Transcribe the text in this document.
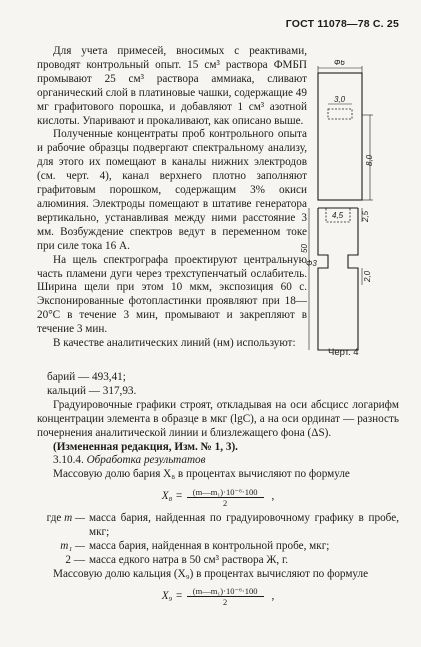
ГОСТ 11078—78 С. 25

Для учета примесей, вносимых с реактивами, проводят контрольный опыт. 15 см³ раствора ФМБП промывают 25 см³ раствора аммиака, сливают органический слой в платиновые чашки, содержащие 49 мг графитового порошка, и добавляют 1 см³ азотной кислоты. Упаривают и прокаливают, как описано выше.

Полученные концентраты проб контрольного опыта и рабочие образцы подвергают спектральному анализу, для этого их помещают в каналы нижних электродов (см. черт. 4), канал верхнего плотно заполняют графитовым порошком, содержащим 3% окиси алюминия. Электроды помещают в штативе генератора вертикально, устанавливая между ними расстояние 3 мм. Возбуждение спектров ведут в переменном токе при силе тока 16 А.

На щель спектрографа проектируют центральную часть пламени дуги через трехступенчатый ослабитель. Ширина щели при этом 10 мкм, экспозиция 60 с. Экспонированные фотопластинки проявляют при 18—20°С в течение 3 мин, промывают и закрепляют в течение 3 мин.

В качестве аналитических линий (нм) используют:

Ф6
3,0
8,0
4,5 2,5
50
Ф3
2,0
Черт. 4

барий — 493,41;

кальций — 317,93.

Градуировочные графики строят, откладывая на оси абсцисс логарифм концентрации элемента в образце в мкг (lgC), а на оси ординат — разность почернения аналитической линии и близлежащего фона (ΔS).

(Измененная редакция, Изм. № 1, 3).

3.10.4. Обработка результатов

Массовую долю бария X₈ в процентах вычисляют по формуле

$X_8 = \frac{\text{(m—m₁)·10⁻⁶·100}}{2}$ ,
где m — масса бария, найденная по градуировочному графику в пробе, мкг;
m₁ — масса бария, найденная в контрольной пробе, мкг;
2 — масса едкого натра в 50 см³ раствора Ж, г.

Массовую долю кальция (X₉) в процентах вычисляют по формуле

$X_9 = \frac{\text{(m—m₁)·10⁻⁶·100}}{2}$ ,
